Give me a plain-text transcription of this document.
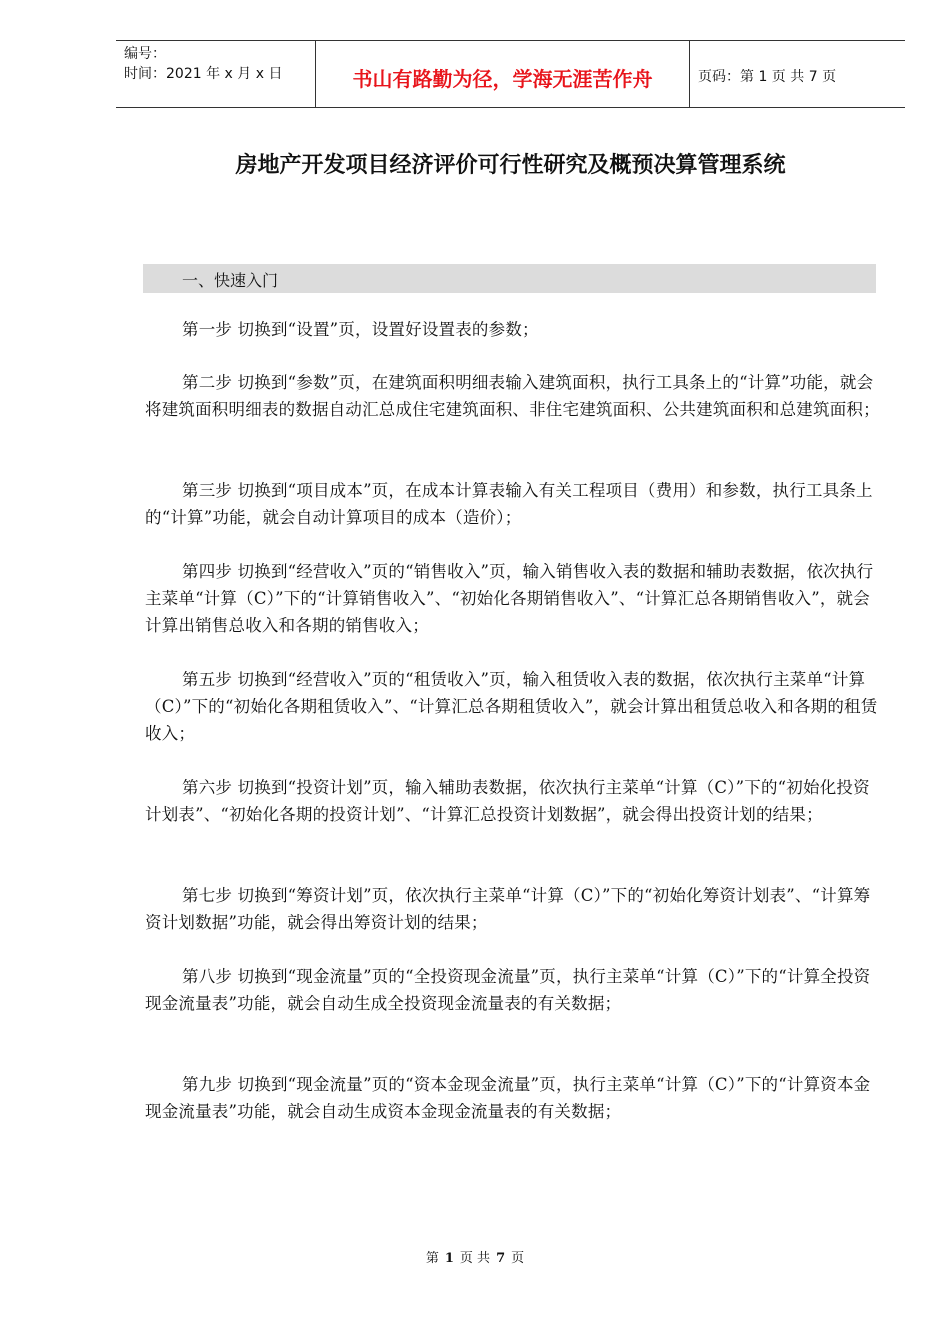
编号：
时间：2021 年 x 月 x 日	书山有路勤为径，学海无涯苦作舟	页码：第 1 页 共 7 页
房地产开发项目经济评价可行性研究及概预决算管理系统
一、快速入门
第一步 切换到“设置”页，设置好设置表的参数；
第二步 切换到“参数”页，在建筑面积明细表输入建筑面积，执行工具条上的“计算”功能，就会将建筑面积明细表的数据自动汇总成住宅建筑面积、非住宅建筑面积、公共建筑面积和总建筑面积；
第三步 切换到“项目成本”页，在成本计算表输入有关工程项目（费用）和参数，执行工具条上的“计算”功能，就会自动计算项目的成本（造价）；
第四步 切换到“经营收入”页的“销售收入”页，输入销售收入表的数据和辅助表数据，依次执行主菜单“计算（C）”下的“计算销售收入”、“初始化各期销售收入”、“计算汇总各期销售收入”，就会计算出销售总收入和各期的销售收入；
第五步 切换到“经营收入”页的“租赁收入”页，输入租赁收入表的数据，依次执行主菜单“计算（C）”下的“初始化各期租赁收入”、“计算汇总各期租赁收入”，就会计算出租赁总收入和各期的租赁收入；
第六步 切换到“投资计划”页，输入辅助表数据，依次执行主菜单“计算（C）”下的“初始化投资计划表”、“初始化各期的投资计划”、“计算汇总投资计划数据”，就会得出投资计划的结果；
第七步 切换到“筹资计划”页，依次执行主菜单“计算（C）”下的“初始化筹资计划表”、“计算筹资计划数据”功能，就会得出筹资计划的结果；
第八步 切换到“现金流量”页的“全投资现金流量”页，执行主菜单“计算（C）”下的“计算全投资现金流量表”功能，就会自动生成全投资现金流量表的有关数据；
第九步 切换到“现金流量”页的“资本金现金流量”页，执行主菜单“计算（C）”下的“计算资本金现金流量表”功能，就会自动生成资本金现金流量表的有关数据；
第 1 页 共 7 页
